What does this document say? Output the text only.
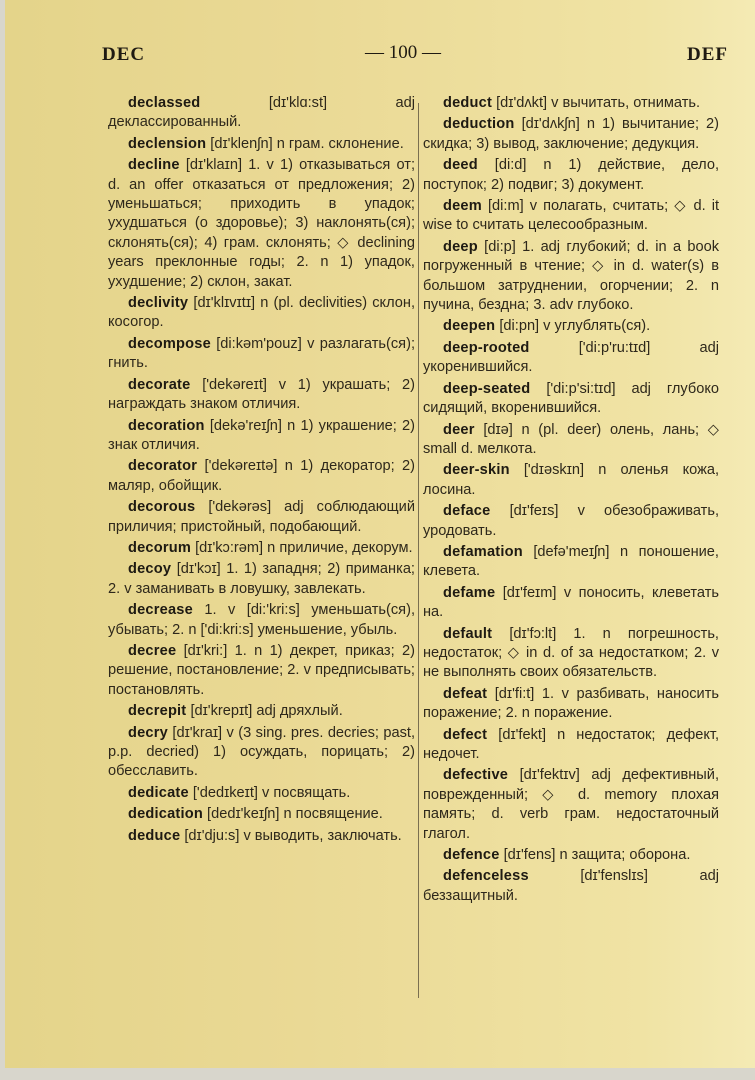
DEC	— 100 —	DEF

declassed	[dɪ'klɑ:st] adj деклассированный.

declension [dɪ'klenʃn] n грам. склонение.

decline [dɪ'klaɪn] 1. v 1) отказываться от; d. an offer отказаться от предложения; 2) уменьшаться; приходить в упадок; ухудшаться (о здоровье); 3) наклонять(ся); склонять(ся); 4) грам. склонять; ◇ declining years преклонные годы; 2. n 1) упадок, ухудшение; 2) склон, закат.

declivity [dɪ'klɪvɪtɪ] n (pl. declivities) склон, косогор.

decompose [di:kəm'pouz] v разлагать(ся); гнить.

decorate ['dekəreɪt] v 1) украшать; 2) награждать знаком отличия.

decoration [dekə'reɪʃn] n 1) украшение; 2) знак отличия.

decorator ['dekəreɪtə] n 1) декоратор; 2) маляр, обойщик.

decorous ['dekərəs] adj соблюдающий приличия; пристойный, подобающий.

decorum [dɪ'kɔ:rəm] n приличие, декорум.

decoy [dɪ'kɔɪ] 1. 1) западня; 2) приманка; 2. v заманивать в ловушку, завлекать.

decrease 1. v [di:'kri:s] уменьшать(ся), убывать; 2. n ['di:kri:s] уменьшение, убыль.

decree [dɪ'kri:] 1. n 1) декрет, приказ; 2) решение, постановление; 2. v предписывать; постановлять.

decrepit [dɪ'krepɪt] adj дряхлый.

decry [dɪ'kraɪ] v (3 sing. pres. decries; past, p.p. decried) 1) осуждать, порицать; 2) обесславить.

dedicate ['dedɪkeɪt] v посвящать.

dedication [dedɪ'keɪʃn] n посвящение.

deduce [dɪ'dju:s] v выводить, заключать.

deduct [dɪ'dʌkt] v вычитать, отнимать.

deduction [dɪ'dʌkʃn] n 1) вычитание; 2) скидка; 3) вывод, заключение; дедукция.

deed [di:d] n 1) действие, дело, поступок; 2) подвиг; 3) документ.

deem [di:m] v полагать, считать; ◇ d. it wise to считать целесообразным.

deep [di:p] 1. adj глубокий; d. in a book погруженный в чтение; ◇ in d. water(s) в большом затруднении, огорчении; 2. n пучина, бездна; 3. adv глубоко.

deepen [di:pn] v углублять(ся).

deep-rooted	['di:p'ru:tɪd] adj укоренившийся.

deep-seated ['di:p'si:tɪd] adj глубоко сидящий, вкоренившийся.

deer [dɪə] n (pl. deer) олень, лань; ◇ small d. мелкота.

deer-skin ['dɪəskɪn] n оленья кожа, лосина.

deface [dɪ'feɪs] v обезображивать, уродовать.

defamation [defə'meɪʃn] n поношение, клевета.

defame [dɪ'feɪm] v поносить, клеветать на.

default [dɪ'fɔ:lt] 1. n погрешность, недостаток; ◇ in d. of за недостатком; 2. v не выполнять своих обязательств.

defeat [dɪ'fi:t] 1. v разбивать, наносить поражение; 2. n поражение.

defect [dɪ'fekt] n недостаток; дефект, недочет.

defective [dɪ'fektɪv] adj дефективный, поврежденный; ◇ d. memory плохая память; d. verb грам. недостаточный глагол.

defence [dɪ'fens] n защита; оборона.

defenceless	[dɪ'fenslɪs] adj беззащитный.
